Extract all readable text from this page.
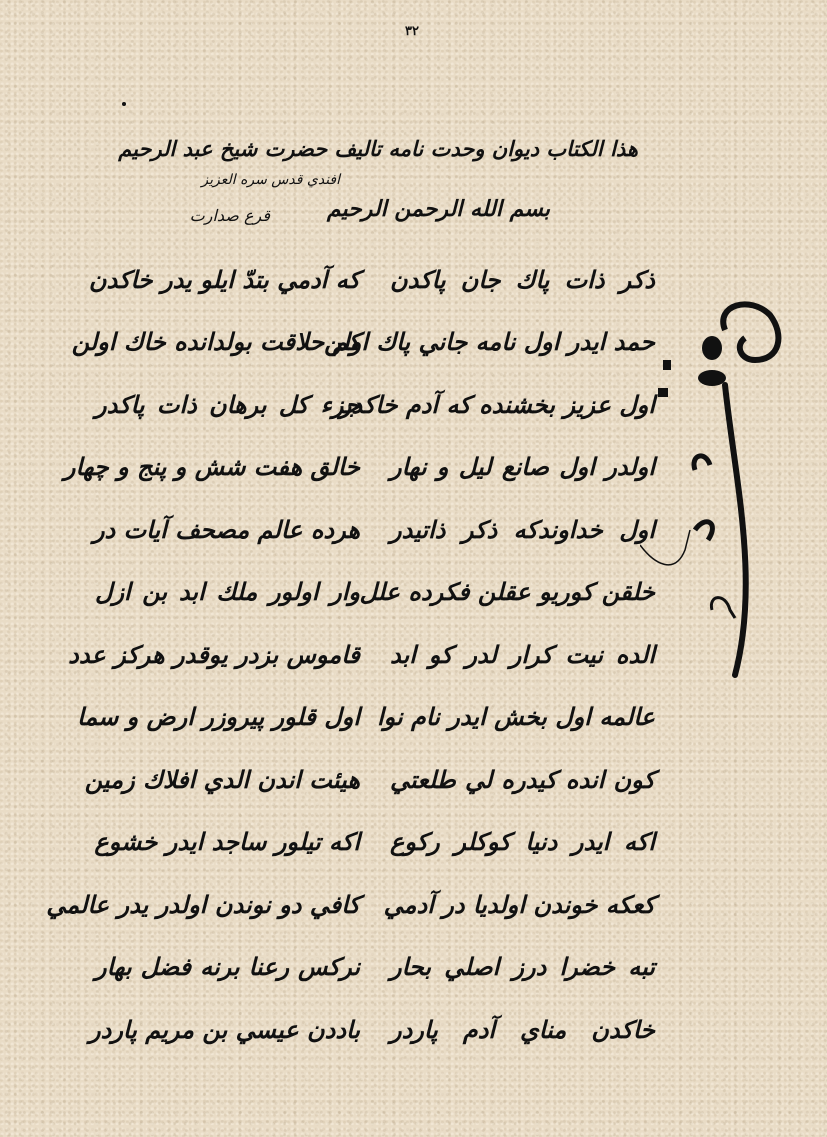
٣٢
هذا الكتاب ديوان وحدت نامه تاليف حضرت شيخ عبد الرحيم
افندي قدس سره العزيز
بسم الله الرحمن الرحيم
قرع صدارت
ذكر ذات پاك جان پاكدن
كه آدمي بتدّ ايلو يدر خاكدن
حمد ايدر اول نامه جاني پاك اولن
كم حلاقت بولدانده خاك اولن
اول عزيز بخشنده كه آدم خاكدر
جزء كل برهان ذات پاكدر
اولدر اول صانع ليل و نهار
خالق هفت شش و پنج و چهار
اول خداوندكه ذكر ذاتيدر
هرده عالم مصحف آيات در
خلقن كوريو عقلن فكرده علل
وار اولور ملك ابد بن ازل
الده نيت كرار لدر كو ابد
قاموس بزدر يوقدر هركز عدد
عالمه اول بخش ايدر نام نوا
اول قلور پيروزر ارض و سما
كون انده كيدره لي طلعتي
هيئت اندن الدي افلاك زمين
اكه ايدر دنيا كوكلر ركوع
اكه تيلور ساجد ايدر خشوع
كعكه خوندن اولديا در آدمي
كافي دو نوندن اولدر يدر عالمي
تبه خضرا درز اصلي بحار
نركس رعنا برنه فضل بهار
خاكدن مناي آدم پاردر
باددن عيسي بن مريم پاردر
